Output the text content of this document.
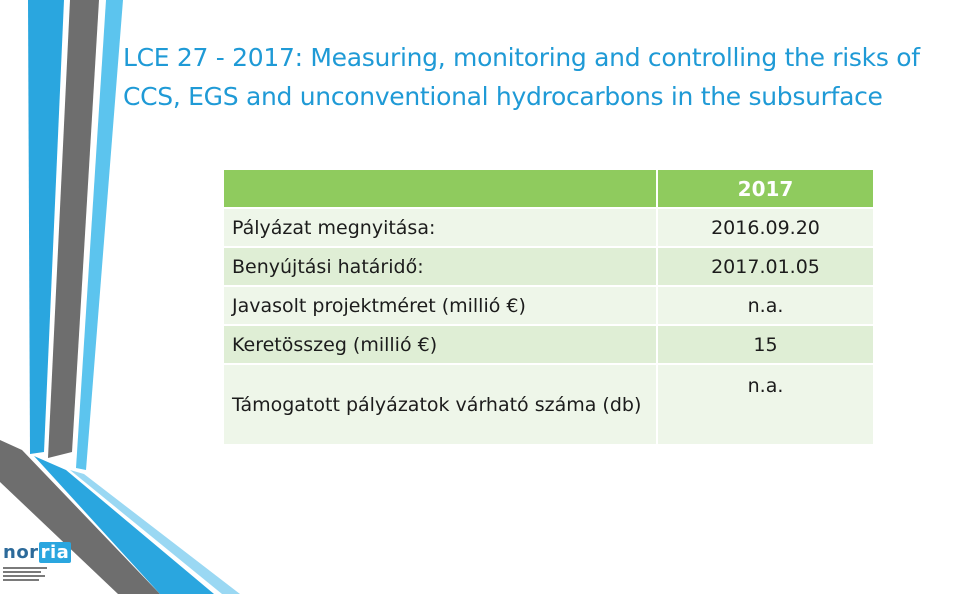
LCE 27 - 2017: Measuring, monitoring and controlling the risks of CCS, EGS and unconventional hydrocarbons in the subsurface
	2017
Pályázat megnyitása:	2016.09.20
Benyújtási határidő:	2017.01.05
Javasolt projektméret (millió €)	n.a.
Keretösszeg (millió €)	15
Támogatott pályázatok várható száma (db)	n.a.
nor ria
